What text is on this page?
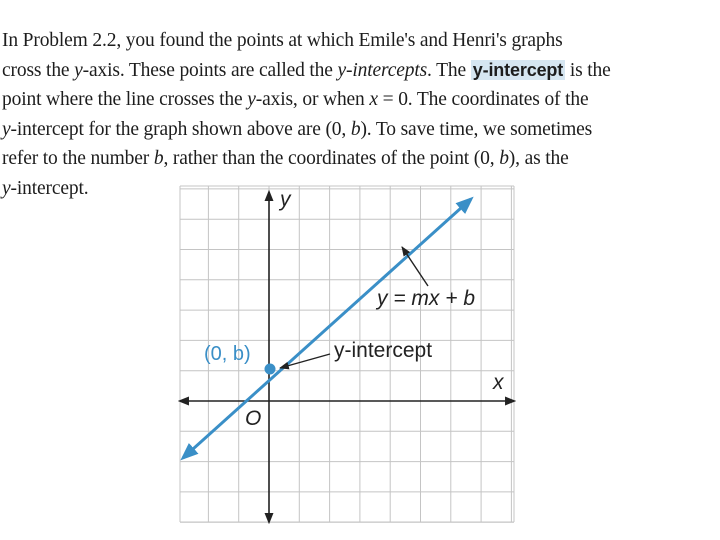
In Problem 2.2, you found the points at which Emile's and Henri's graphs
cross the y-axis. These points are called the y-intercepts. The y-intercept is the
point where the line crosses the y-axis, or when x = 0. The coordinates of the
y-intercept for the graph shown above are (0, b). To save time, we sometimes
refer to the number b, rather than the coordinates of the point (0, b), as the
y-intercept.	y
x
O
y = mx + b
y-intercept
(0, b)
